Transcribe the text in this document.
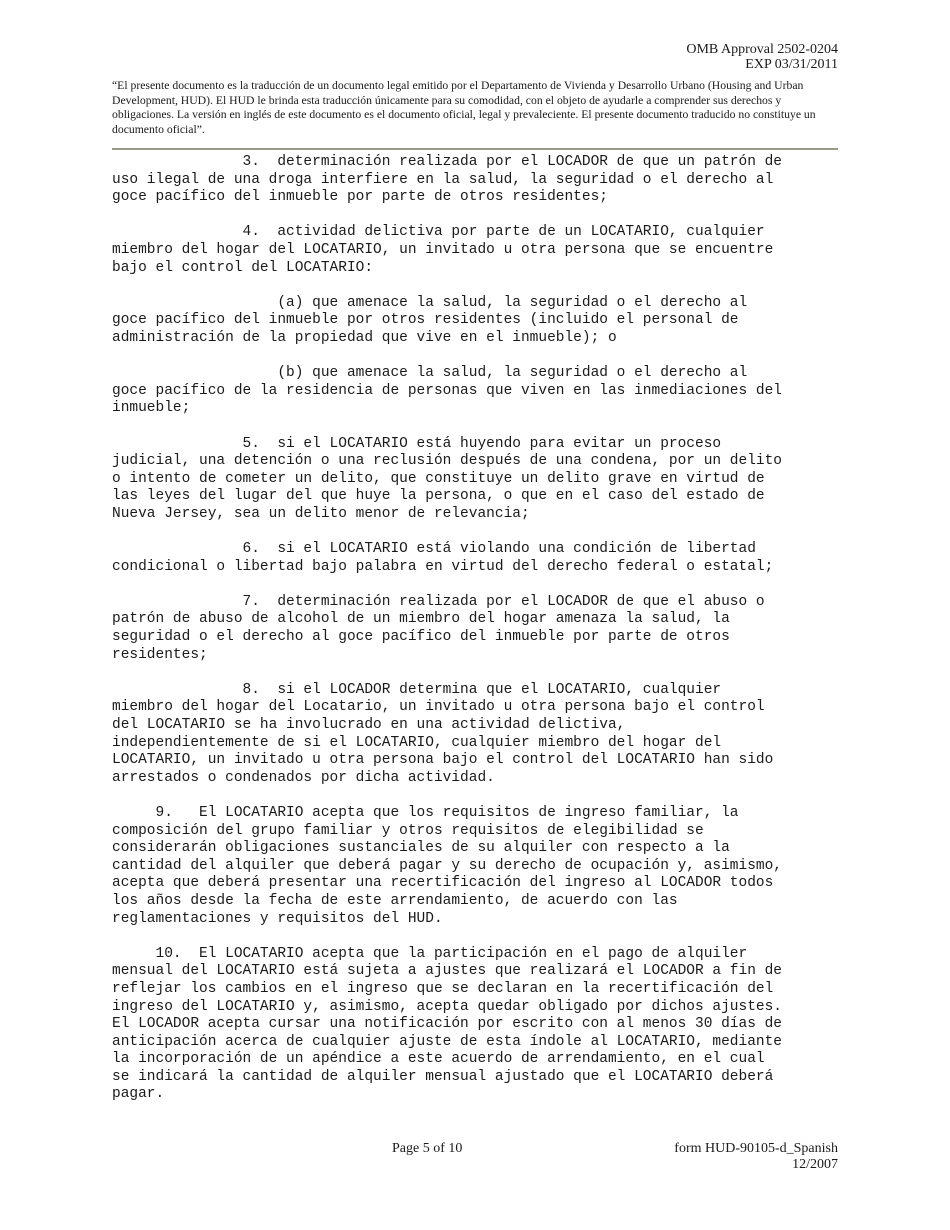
OMB Approval 2502-0204
EXP 03/31/2011
“El presente documento es la traducción de un documento legal emitido por el Departamento de Vivienda y Desarrollo Urbano (Housing and Urban Development, HUD). El HUD le brinda esta traducción únicamente para su comodidad, con el objeto de ayudarle a comprender sus derechos y obligaciones. La versión en inglés de este documento es el documento oficial, legal y prevaleciente. El presente documento traducido no constituye un documento oficial”.

3.  determinación realizada por el LOCADOR de que un patrón de
uso ilegal de una droga interfiere en la salud, la seguridad o el derecho al
goce pacífico del inmueble por parte de otros residentes;

4.  actividad delictiva por parte de un LOCATARIO, cualquier
miembro del hogar del LOCATARIO, un invitado u otra persona que se encuentre
bajo el control del LOCATARIO:

(a) que amenace la salud, la seguridad o el derecho al
goce pacífico del inmueble por otros residentes (incluido el personal de
administración de la propiedad que vive en el inmueble); o

(b) que amenace la salud, la seguridad o el derecho al
goce pacífico de la residencia de personas que viven en las inmediaciones del
inmueble;

5.  si el LOCATARIO está huyendo para evitar un proceso
judicial, una detención o una reclusión después de una condena, por un delito
o intento de cometer un delito, que constituye un delito grave en virtud de
las leyes del lugar del que huye la persona, o que en el caso del estado de
Nueva Jersey, sea un delito menor de relevancia;

6.  si el LOCATARIO está violando una condición de libertad
condicional o libertad bajo palabra en virtud del derecho federal o estatal;

7.  determinación realizada por el LOCADOR de que el abuso o
patrón de abuso de alcohol de un miembro del hogar amenaza la salud, la
seguridad o el derecho al goce pacífico del inmueble por parte de otros
residentes;

8.  si el LOCADOR determina que el LOCATARIO, cualquier
miembro del hogar del Locatario, un invitado u otra persona bajo el control
del LOCATARIO se ha involucrado en una actividad delictiva,
independientemente de si el LOCATARIO, cualquier miembro del hogar del
LOCATARIO, un invitado u otra persona bajo el control del LOCATARIO han sido
arrestados o condenados por dicha actividad.

9.   El LOCATARIO acepta que los requisitos de ingreso familiar, la
composición del grupo familiar y otros requisitos de elegibilidad se
considerarán obligaciones sustanciales de su alquiler con respecto a la
cantidad del alquiler que deberá pagar y su derecho de ocupación y, asimismo,
acepta que deberá presentar una recertificación del ingreso al LOCADOR todos
los años desde la fecha de este arrendamiento, de acuerdo con las
reglamentaciones y requisitos del HUD.

10.  El LOCATARIO acepta que la participación en el pago de alquiler
mensual del LOCATARIO está sujeta a ajustes que realizará el LOCADOR a fin de
reflejar los cambios en el ingreso que se declaran en la recertificación del
ingreso del LOCATARIO y, asimismo, acepta quedar obligado por dichos ajustes.
El LOCADOR acepta cursar una notificación por escrito con al menos 30 días de
anticipación acerca de cualquier ajuste de esta índole al LOCATARIO, mediante
la incorporación de un apéndice a este acuerdo de arrendamiento, en el cual
se indicará la cantidad de alquiler mensual ajustado que el LOCATARIO deberá
pagar.

Page 5 of 10	form HUD-90105-d_Spanish
12/2007
